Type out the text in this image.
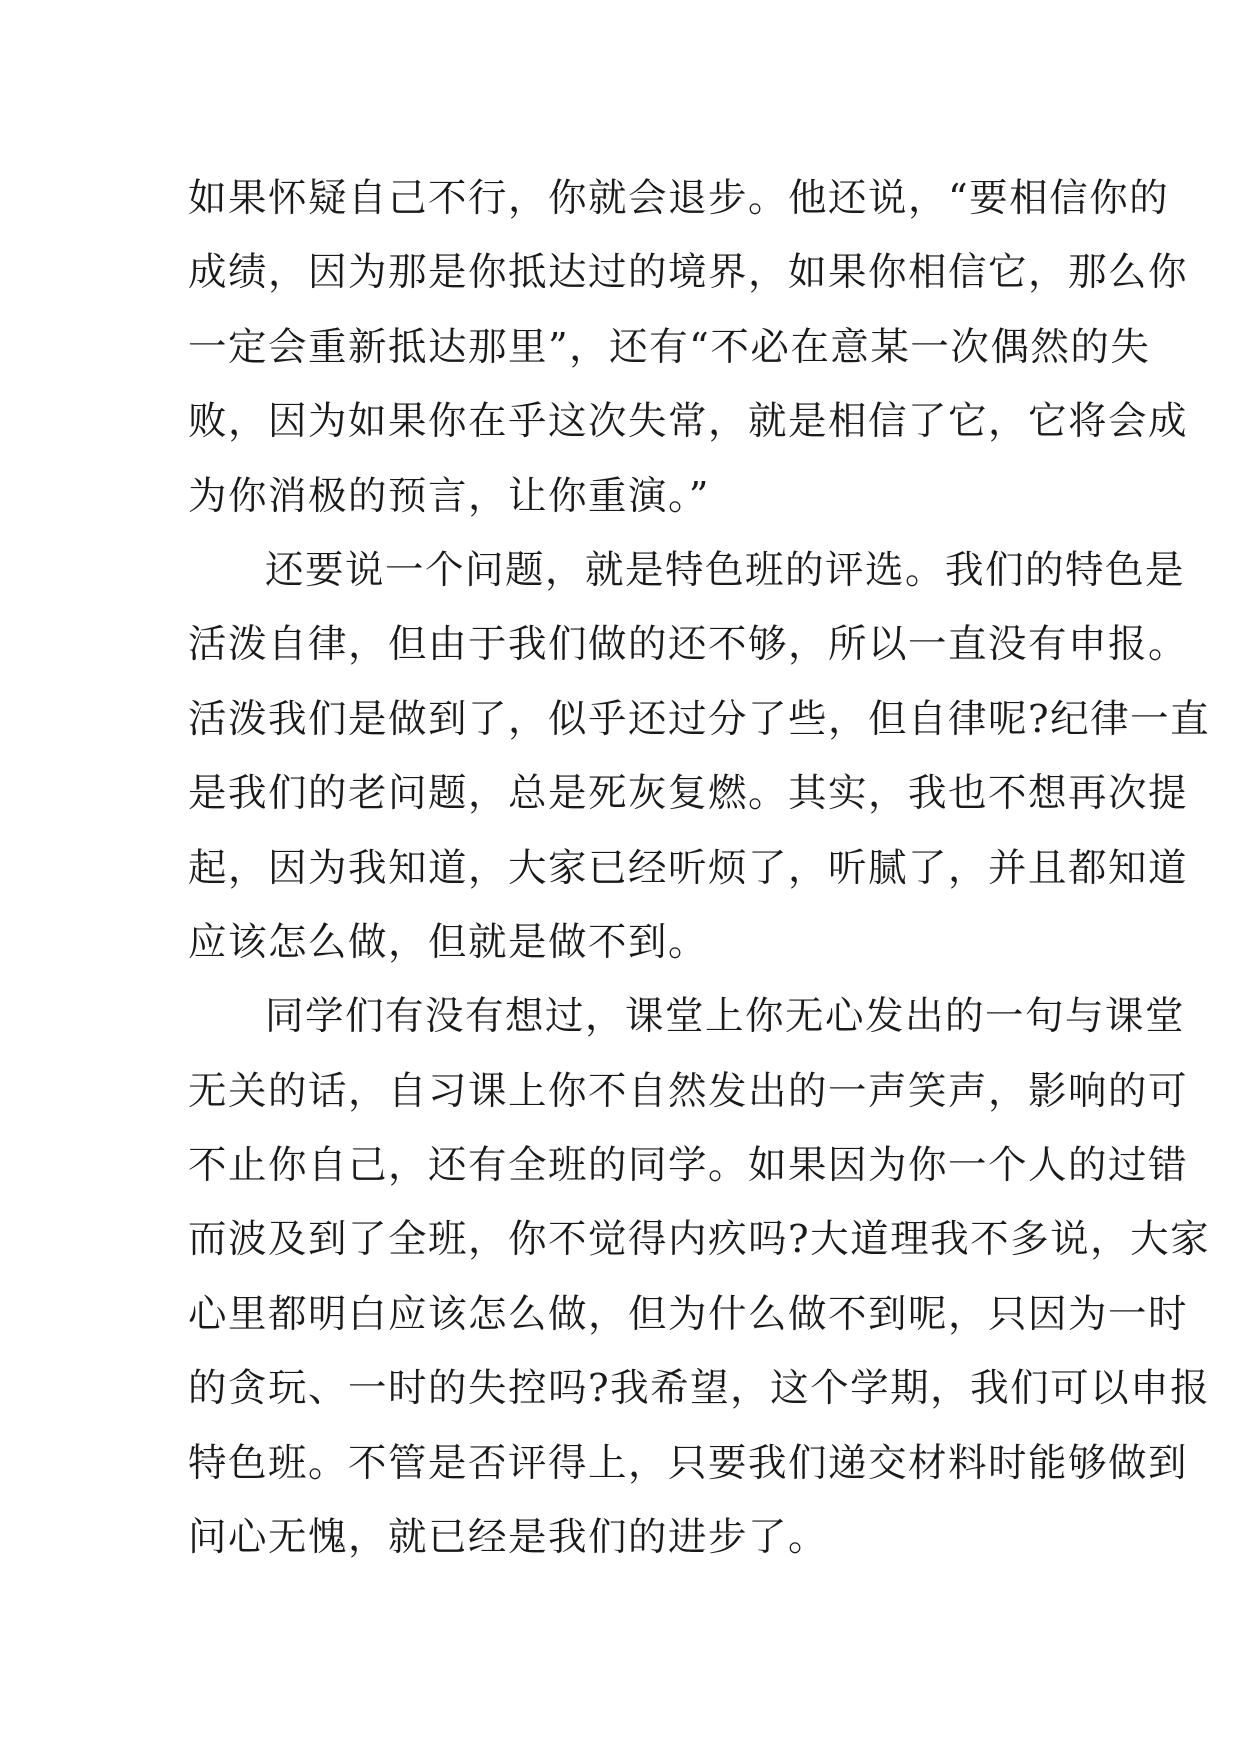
如果怀疑自己不行，你就会退步。他还说，“要相信你的
成绩，因为那是你抵达过的境界，如果你相信它，那么你
一定会重新抵达那里”，还有“不必在意某一次偶然的失
败，因为如果你在乎这次失常，就是相信了它，它将会成
为你消极的预言，让你重演。”
还要说一个问题，就是特色班的评选。我们的特色是
活泼自律，但由于我们做的还不够，所以一直没有申报。
活泼我们是做到了，似乎还过分了些，但自律呢?纪律一直
是我们的老问题，总是死灰复燃。其实，我也不想再次提
起，因为我知道，大家已经听烦了，听腻了，并且都知道
应该怎么做，但就是做不到。
同学们有没有想过，课堂上你无心发出的一句与课堂
无关的话，自习课上你不自然发出的一声笑声，影响的可
不止你自己，还有全班的同学。如果因为你一个人的过错
而波及到了全班，你不觉得内疚吗?大道理我不多说，大家
心里都明白应该怎么做，但为什么做不到呢，只因为一时
的贪玩、一时的失控吗?我希望，这个学期，我们可以申报
特色班。不管是否评得上，只要我们递交材料时能够做到
问心无愧，就已经是我们的进步了。
